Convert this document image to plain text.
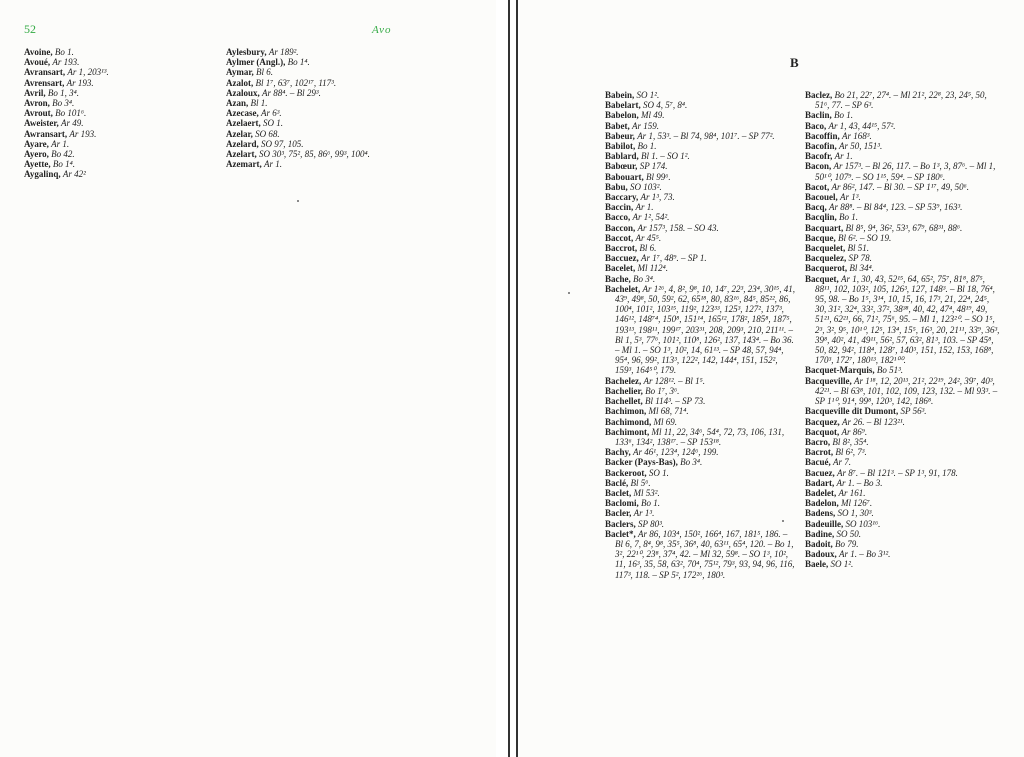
52	Avo
Avoine, Bo 1.
Avoué, Ar 193.
Avransart, Ar 1, 203¹³.
Avrensart, Ar 193.
Avril, Bo 1, 3⁴.
Avron, Bo 3⁴.
Avrout, Bo 101⁶.
Aweister, Ar 49.
Awransart, Ar 193.
Ayare, Ar 1.
Ayero, Bo 42.
Ayette, Bo 1⁴.
Aygalinq, Ar 42²
Aylesbury, Ar 189².
Aylmer (Angl.), Bo 1⁴.
Aymar, Bl 6.
Azalot, Bl 1⁷, 63⁷, 102¹⁷, 117³.
Azaloux, Ar 88⁴. – Bl 29³.
Azan, Bl 1.
Azecase, Ar 6³.
Azelaert, SO 1.
Azelar, SO 68.
Azelard, SO 97, 105.
Azelart, SO 30³, 75², 85, 86⁶, 99³, 100⁴.
Azemart, Ar 1.
B
Babein, SO 1².
Babelart, SO 4, 5⁷, 8⁴.
Babelon, Ml 49.
Babet, Ar 159.
Babeur, Ar 1, 53³. – Bl 74, 98⁴, 101⁷. – SP 77².
Babilot, Bo 1.
Bablard, Bl 1. – SO 1².
Babœur, SP 174.
Babouart, Bl 99⁶.
Babu, SO 103².
Baccary, Ar 1³, 73.
Baccin, Ar 1.
Bacco, Ar 1², 54².
Baccon, Ar 157³, 158. – SO 43.
Baccot, Ar 45⁵.
Baccrot, Bl 6.
Baccuez, Ar 1⁷, 48⁹. – SP 1.
Bacelet, Ml 112⁴.
Bache, Bo 3⁴.
Bachelet, Ar 1²⁶, 4, 8², 9⁸, 10, 14⁷, 22³, 23⁴, 30¹⁵, 41, 43⁹, 49⁸, 50, 59², 62, 65¹⁸, 80, 83¹⁶, 84⁵, 85²², 86, 100⁴, 101², 103¹⁵, 119², 123³³, 125³, 127², 137³, 146¹², 148⁷⁴, 150⁸, 151¹⁴, 165¹², 178², 185⁸, 187⁵, 193¹³, 198¹¹, 199¹⁷, 203³¹, 208, 209³, 210, 211¹¹. – Bl 1, 5³, 77⁶, 101², 110⁸, 126², 137, 143⁴. – Bo 36. – Ml 1. – SO 1³, 10², 14, 61¹³. – SP 48, 57, 94⁴, 95⁴, 96, 99², 113³, 122², 142, 144⁴, 151, 152², 159³, 164⁵⁰, 179.
Bachelez, Ar 128¹². – Bl 1⁵.
Bachelier, Bo 1⁷, 3⁶.
Bachellet, Bl 114³. – SP 73.
Bachimon, Ml 68, 71⁴.
Bachimond, Ml 69.
Bachimont, Ml 11, 22, 34⁶, 54⁴, 72, 73, 106, 131, 133⁶, 134², 138¹⁷. – SP 153¹⁸.
Bachy, Ar 46¹, 123⁴, 124⁶, 199.
Backer (Pays-Bas), Bo 3⁴.
Backeroot, SO 1.
Baclé, Bl 5⁶.
Baclet, Ml 53².
Baclomi, Bo 1.
Bacler, Ar 1³.
Baclers, SP 80³.
Baclet*, Ar 86, 103⁴, 150², 166⁴, 167, 181⁵, 186. – Bl 6, 7, 8⁴, 9⁸, 35⁵, 36⁸, 40, 63¹¹, 65⁴, 120. – Bo 1, 3², 22¹⁰, 23⁸, 37⁴, 42. – Ml 32, 59⁸. – SO 1³, 10², 11, 16³, 35, 58, 63², 70⁴, 75¹², 79³, 93, 94, 96, 116, 117³, 118. – SP 5², 172²⁶, 180³.
Baclez, Bo 21, 22⁷, 27⁴. – Ml 21², 22⁸, 23, 24⁵, 50, 51⁶, 77. – SP 6³.
Baclin, Bo 1.
Baco, Ar 1, 43, 44¹⁵, 57².
Bacoffin, Ar 168³.
Bacofin, Ar 50, 151³.
Bacofr, Ar 1.
Bacon, Ar 157³. – Bl 26, 117. – Bo 1³, 3, 87⁶. – Ml 1, 50¹⁰, 107⁹. – SO 1¹⁵, 59⁴. – SP 180⁶.
Bacot, Ar 86², 147. – Bl 30. – SP 1¹⁷, 49, 50⁶.
Bacouel, Ar 1³.
Bacq, Ar 88⁸. – Bl 84⁴, 123. – SP 53⁹, 163³.
Bacqlin, Bo 1.
Bacquart, Bl 8⁵, 9⁴, 36², 53³, 67⁹, 68³¹, 88⁶.
Bacque, Bl 6². – SO 19.
Bacquelet, Bl 51.
Bacquelez, SP 78.
Bacquerot, Bl 34⁴.
Bacquet, Ar 1, 30, 43, 52¹⁵, 64, 65², 75⁷, 81⁸, 87⁵, 88¹¹, 102, 103², 105, 126³, 127, 148³. – Bl 18, 76⁴, 95, 98. – Bo 1⁵, 3¹⁴, 10, 15, 16, 17³, 21, 22⁴, 24⁵, 30, 31², 32⁴, 33², 37², 38³⁸, 40, 42, 47⁴, 48¹⁹, 49, 51²¹, 62²¹, 66, 71², 75⁶, 95. – Ml 1, 123²⁰. – SO 1⁵, 2³, 3², 9⁵, 10¹⁰, 12⁵, 13⁴, 15⁵, 16³, 20, 21¹¹, 33⁹, 36³, 39⁸, 40², 41, 49¹¹, 56², 57, 63², 81³, 103. – SP 45⁸, 50, 82, 94², 118⁴, 128⁷, 140³, 151, 152, 153, 168⁸, 170³, 172⁷, 180¹³, 182¹⁰⁰.
Bacquet-Marquis, Bo 51³.
Bacqueville, Ar 1¹⁸, 12, 20¹³, 21², 22¹⁹, 24², 39⁷, 40³, 42²¹. – Bl 63⁸, 101, 102, 109, 123, 132. – Ml 93³. – SP 1¹⁰, 91⁴, 99⁸, 120³, 142, 186⁸.
Bacqueville dit Dumont, SP 56³.
Bacquez, Ar 26. – Bl 123²¹.
Bacquot, Ar 86⁹.
Bacro, Bl 8², 35⁴.
Bacrot, Bl 6², 7³.
Bacué, Ar 7.
Bacuez, Ar 8⁷. – Bl 121³. – SP 1³, 91, 178.
Badart, Ar 1. – Bo 3.
Badelet, Ar 161.
Badelon, Ml 126⁷.
Badens, SO 1, 30³.
Badeuille, SO 103¹⁶.
Badine, SO 50.
Badoit, Bo 79.
Badoux, Ar 1. – Bo 3¹².
Baele, SO 1².
